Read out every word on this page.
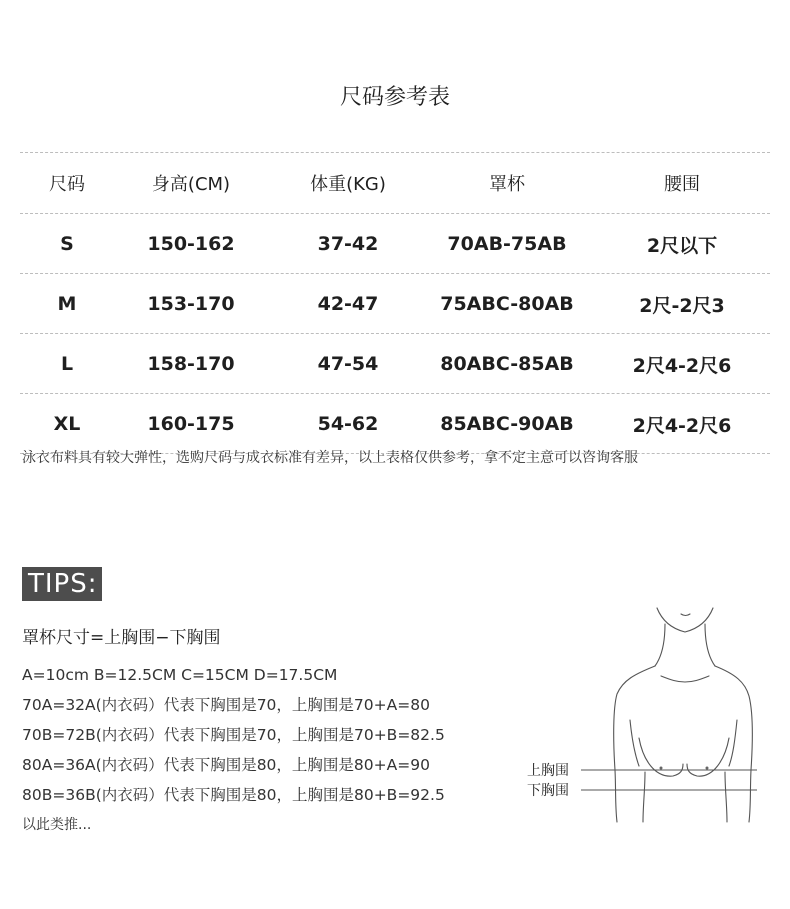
尺码参考表
尺码	身高(CM)	体重(KG)	罩杯	腰围
S	150-162	37-42	70AB-75AB	2尺以下
M	153-170	42-47	75ABC-80AB	2尺-2尺3
L	158-170	47-54	80ABC-85AB	2尺4-2尺6
XL	160-175	54-62	85ABC-90AB	2尺4-2尺6
泳衣布料具有较大弹性，选购尺码与成衣标准有差异，以上表格仅供参考，拿不定主意可以咨询客服
TIPS:
罩杯尺寸=上胸围−下胸围
A=10cm B=12.5CM C=15CM D=17.5CM
70A=32A(内衣码）代表下胸围是70，上胸围是70+A=80
70B=72B(内衣码）代表下胸围是70，上胸围是70+B=82.5
80A=36A(内衣码）代表下胸围是80，上胸围是80+A=90
80B=36B(内衣码）代表下胸围是80，上胸围是80+B=92.5
以此类推...
上胸围
下胸围
